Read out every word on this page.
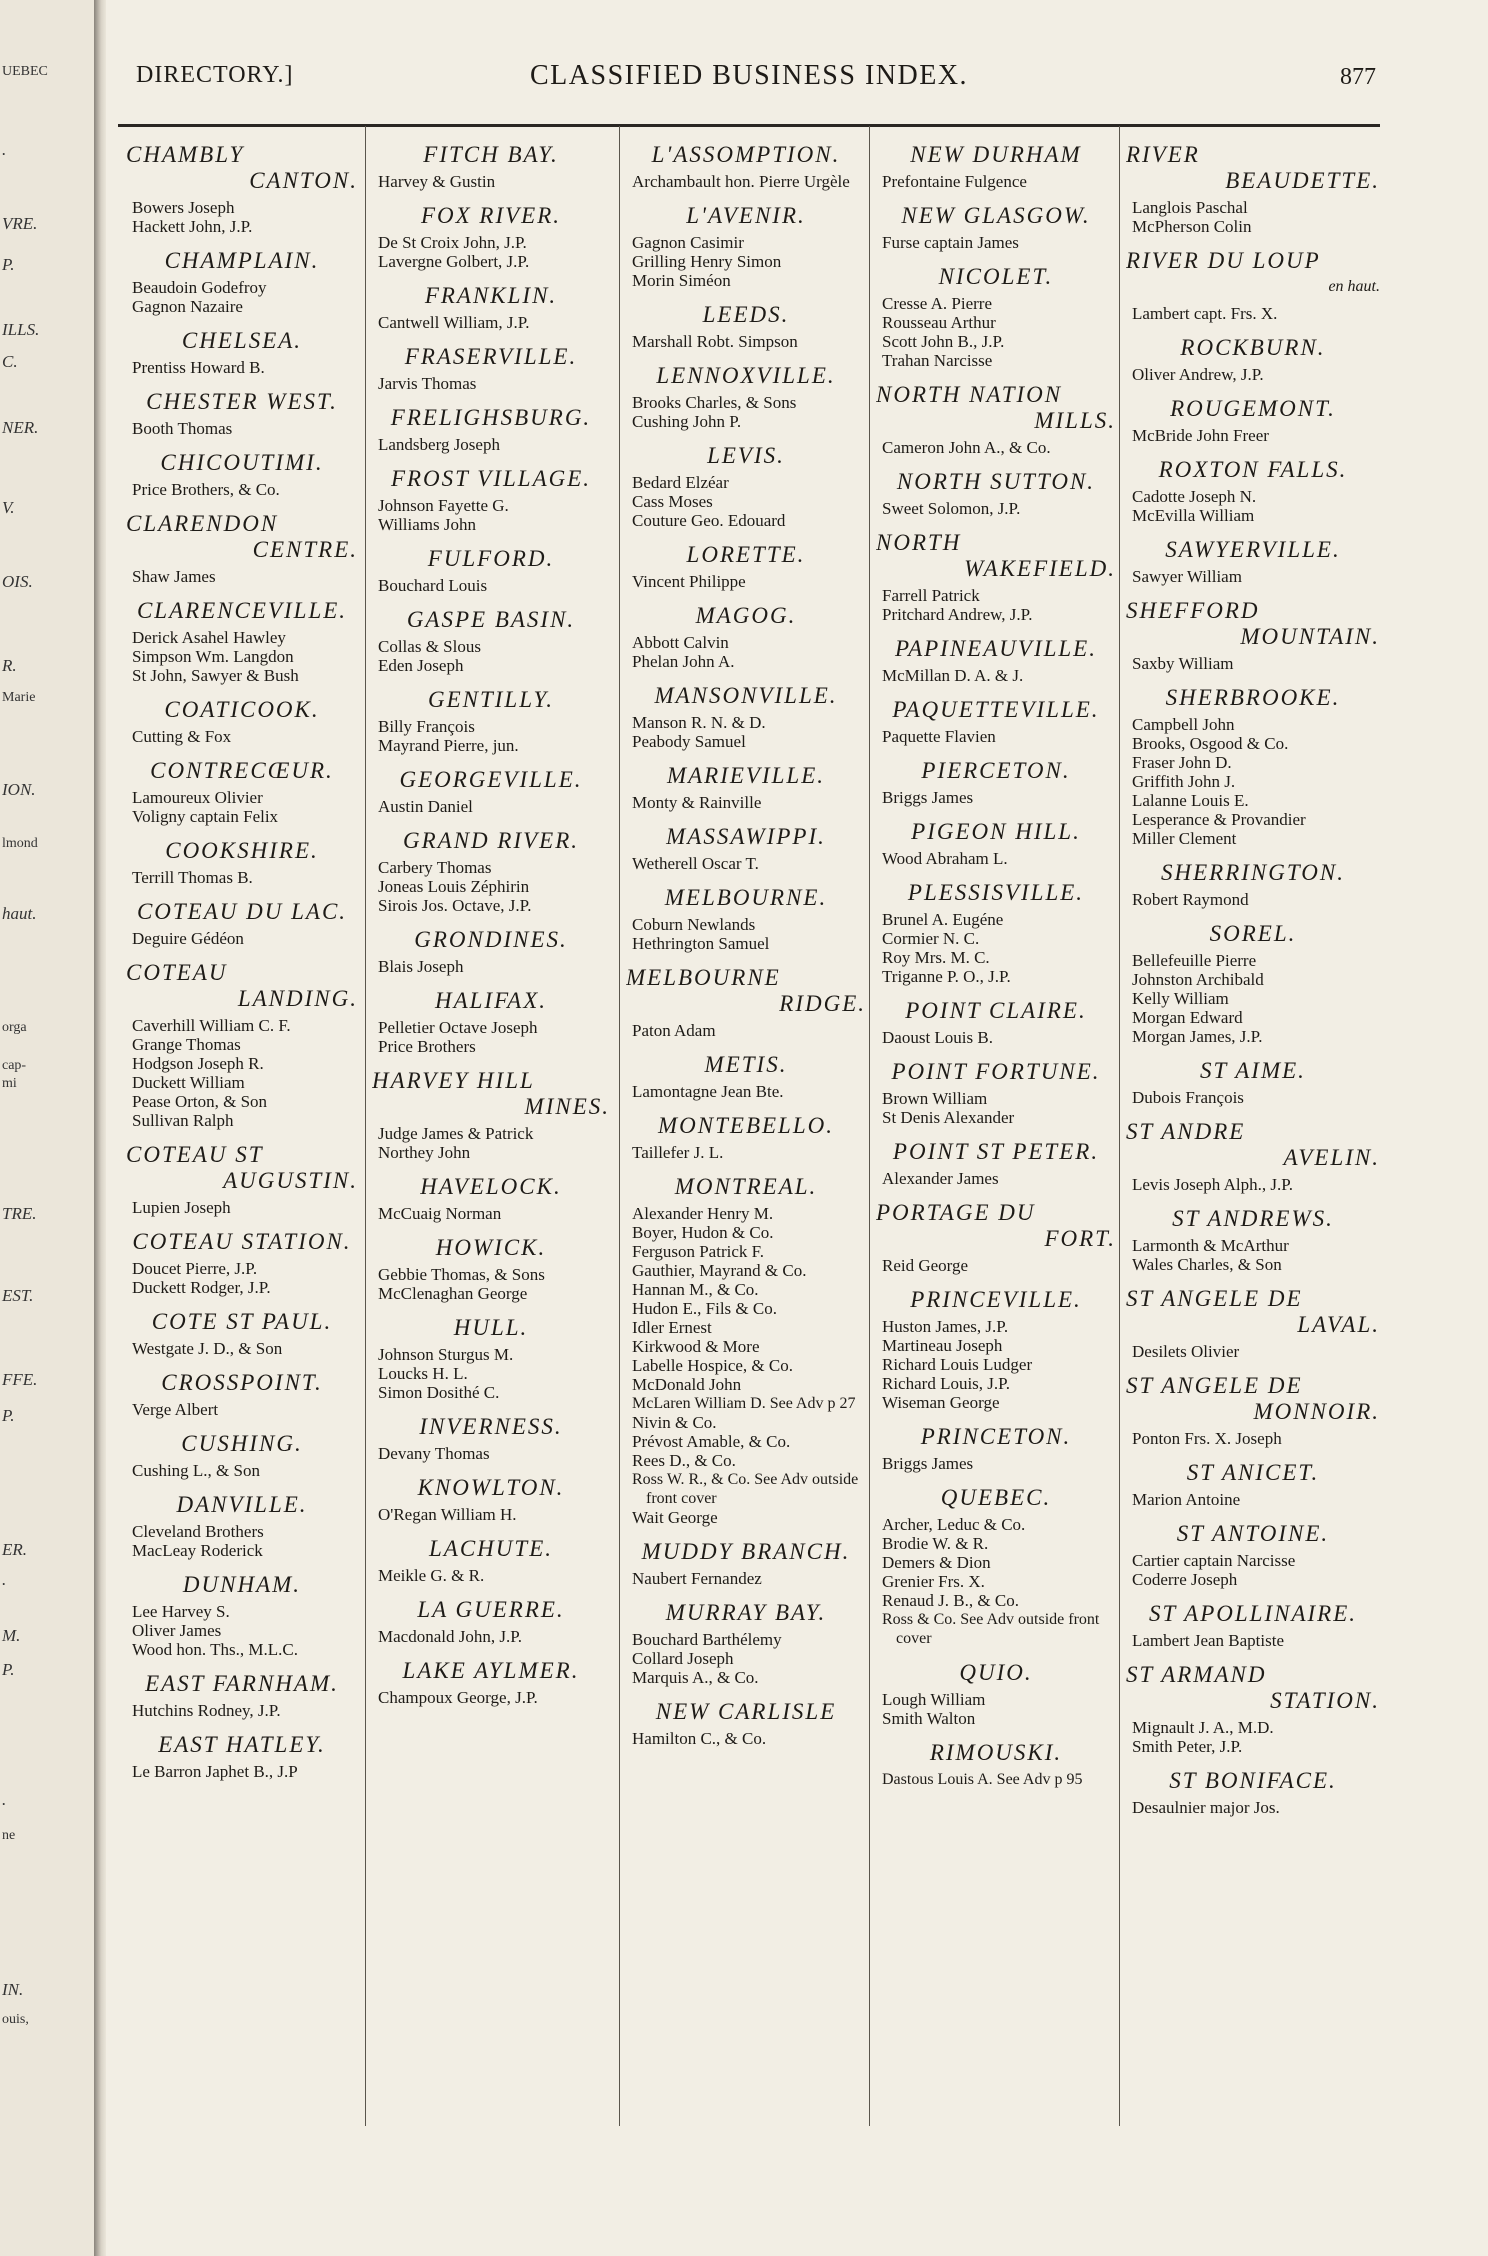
UEBEC
.
VRE.
P.
ILLS.
C.
NER.
V.
OIS.
R.
Marie
ION.
lmond
haut.
orga
cap-
mi
TRE.
EST.
FFE.
P.
ER.
.
M.
P.
.
ne
IN.
ouis,
DIRECTORY.]	CLASSIFIED BUSINESS INDEX.	877
CHAMBLY
CANTON.
Bowers Joseph
Hackett John, J.P.
CHAMPLAIN.
Beaudoin Godefroy
Gagnon Nazaire
CHELSEA.
Prentiss Howard B.
CHESTER WEST.
Booth Thomas
CHICOUTIMI.
Price Brothers, & Co.
CLARENDON
CENTRE.
Shaw James
CLARENCEVILLE.
Derick Asahel Hawley
Simpson Wm. Langdon
St John, Sawyer & Bush
COATICOOK.
Cutting & Fox
CONTRECŒUR.
Lamoureux Olivier
Voligny captain Felix
COOKSHIRE.
Terrill Thomas B.
COTEAU DU LAC.
Deguire Gédéon
COTEAU
LANDING.
Caverhill William C. F.
Grange Thomas
Hodgson Joseph R.
Duckett William
Pease Orton, & Son
Sullivan Ralph
COTEAU ST
AUGUSTIN.
Lupien Joseph
COTEAU STATION.
Doucet Pierre, J.P.
Duckett Rodger, J.P.
COTE ST PAUL.
Westgate J. D., & Son
CROSSPOINT.
Verge Albert
CUSHING.
Cushing L., & Son
DANVILLE.
Cleveland Brothers
MacLeay Roderick
DUNHAM.
Lee Harvey S.
Oliver James
Wood hon. Ths., M.L.C.
EAST FARNHAM.
Hutchins Rodney, J.P.
EAST HATLEY.
Le Barron Japhet B., J.P
FITCH BAY.
Harvey & Gustin
FOX RIVER.
De St Croix John, J.P.
Lavergne Golbert, J.P.
FRANKLIN.
Cantwell William, J.P.
FRASERVILLE.
Jarvis Thomas
FRELIGHSBURG.
Landsberg Joseph
FROST VILLAGE.
Johnson Fayette G.
Williams John
FULFORD.
Bouchard Louis
GASPE BASIN.
Collas & Slous
Eden Joseph
GENTILLY.
Billy François
Mayrand Pierre, jun.
GEORGEVILLE.
Austin Daniel
GRAND RIVER.
Carbery Thomas
Joneas Louis Zéphirin
Sirois Jos. Octave, J.P.
GRONDINES.
Blais Joseph
HALIFAX.
Pelletier Octave Joseph
Price Brothers
HARVEY HILL
MINES.
Judge James & Patrick
Northey John
HAVELOCK.
McCuaig Norman
HOWICK.
Gebbie Thomas, & Sons
McClenaghan George
HULL.
Johnson Sturgus M.
Loucks H. L.
Simon Dosithé C.
INVERNESS.
Devany Thomas
KNOWLTON.
O'Regan William H.
LACHUTE.
Meikle G. & R.
LA GUERRE.
Macdonald John, J.P.
LAKE AYLMER.
Champoux George, J.P.
L'ASSOMPTION.
Archambault hon. Pierre Urgèle
L'AVENIR.
Gagnon Casimir
Grilling Henry Simon
Morin Siméon
LEEDS.
Marshall Robt. Simpson
LENNOXVILLE.
Brooks Charles, & Sons
Cushing John P.
LEVIS.
Bedard Elzéar
Cass Moses
Couture Geo. Edouard
LORETTE.
Vincent Philippe
MAGOG.
Abbott Calvin
Phelan John A.
MANSONVILLE.
Manson R. N. & D.
Peabody Samuel
MARIEVILLE.
Monty & Rainville
MASSAWIPPI.
Wetherell Oscar T.
MELBOURNE.
Coburn Newlands
Hethrington Samuel
MELBOURNE
RIDGE.
Paton Adam
METIS.
Lamontagne Jean Bte.
MONTEBELLO.
Taillefer J. L.
MONTREAL.
Alexander Henry M.
Boyer, Hudon & Co.
Ferguson Patrick F.
Gauthier, Mayrand & Co.
Hannan M., & Co.
Hudon E., Fils & Co.
Idler Ernest
Kirkwood & More
Labelle Hospice, & Co.
McDonald John
McLaren William D. See Adv p 27
Nivin & Co.
Prévost Amable, & Co.
Rees D., & Co.
Ross W. R., & Co. See Adv outside front cover
Wait George
MUDDY BRANCH.
Naubert Fernandez
MURRAY BAY.
Bouchard Barthélemy
Collard Joseph
Marquis A., & Co.
NEW CARLISLE
Hamilton C., & Co.
NEW DURHAM
Prefontaine Fulgence
NEW GLASGOW.
Furse captain James
NICOLET.
Cresse A. Pierre
Rousseau Arthur
Scott John B., J.P.
Trahan Narcisse
NORTH NATION
MILLS.
Cameron John A., & Co.
NORTH SUTTON.
Sweet Solomon, J.P.
NORTH
WAKEFIELD.
Farrell Patrick
Pritchard Andrew, J.P.
PAPINEAUVILLE.
McMillan D. A. & J.
PAQUETTEVILLE.
Paquette Flavien
PIERCETON.
Briggs James
PIGEON HILL.
Wood Abraham L.
PLESSISVILLE.
Brunel A. Eugéne
Cormier N. C.
Roy Mrs. M. C.
Triganne P. O., J.P.
POINT CLAIRE.
Daoust Louis B.
POINT FORTUNE.
Brown William
St Denis Alexander
POINT ST PETER.
Alexander James
PORTAGE DU
FORT.
Reid George
PRINCEVILLE.
Huston James, J.P.
Martineau Joseph
Richard Louis Ludger
Richard Louis, J.P.
Wiseman George
PRINCETON.
Briggs James
QUEBEC.
Archer, Leduc & Co.
Brodie W. & R.
Demers & Dion
Grenier Frs. X.
Renaud J. B., & Co.
Ross & Co. See Adv outside front cover
QUIO.
Lough William
Smith Walton
RIMOUSKI.
Dastous Louis A. See Adv p 95
RIVER
BEAUDETTE.
Langlois Paschal
McPherson Colin
RIVER DU LOUP
en haut.
Lambert capt. Frs. X.
ROCKBURN.
Oliver Andrew, J.P.
ROUGEMONT.
McBride John Freer
ROXTON FALLS.
Cadotte Joseph N.
McEvilla William
SAWYERVILLE.
Sawyer William
SHEFFORD
MOUNTAIN.
Saxby William
SHERBROOKE.
Campbell John
Brooks, Osgood & Co.
Fraser John D.
Griffith John J.
Lalanne Louis E.
Lesperance & Provandier
Miller Clement
SHERRINGTON.
Robert Raymond
SOREL.
Bellefeuille Pierre
Johnston Archibald
Kelly William
Morgan Edward
Morgan James, J.P.
ST AIME.
Dubois François
ST ANDRE
AVELIN.
Levis Joseph Alph., J.P.
ST ANDREWS.
Larmonth & McArthur
Wales Charles, & Son
ST ANGELE DE
LAVAL.
Desilets Olivier
ST ANGELE DE
MONNOIR.
Ponton Frs. X. Joseph
ST ANICET.
Marion Antoine
ST ANTOINE.
Cartier captain Narcisse
Coderre Joseph
ST APOLLINAIRE.
Lambert Jean Baptiste
ST ARMAND
STATION.
Mignault J. A., M.D.
Smith Peter, J.P.
ST BONIFACE.
Desaulnier major Jos.
